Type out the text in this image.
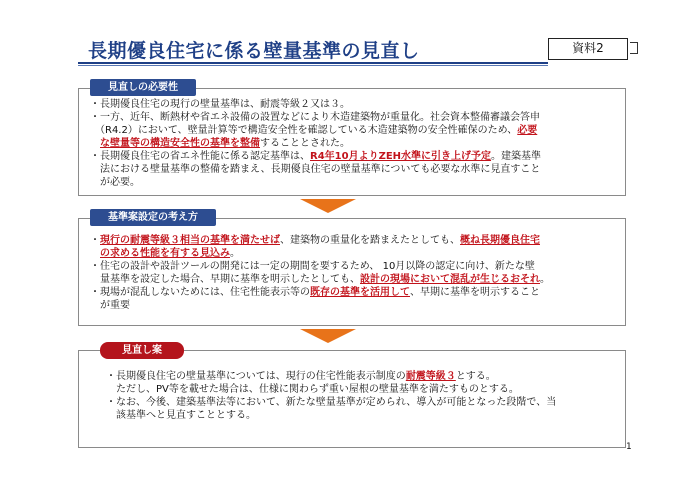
長期優良住宅に係る壁量基準の見直し	資料2
見直しの必要性
・長期優良住宅の現行の壁量基準は、耐震等級２又は３。
・一方、近年、断熱材や省エネ設備の設置などにより木造建築物が重量化。社会資本整備審議会答申
　（R4.2）において、壁量計算等で構造安全性を確認している木造建築物の安全性確保のため、必要
　な壁量等の構造安全性の基準を整備することとされた。
・長期優良住宅の省エネ性能に係る認定基準は、R4年10月よりZEH水準に引き上げ予定。建築基準
　法における壁量基準の整備を踏まえ、長期優良住宅の壁量基準についても必要な水準に見直すこと
　が必要。
基準案設定の考え方
・現行の耐震等級３相当の基準を満たせば、建築物の重量化を踏まえたとしても、概ね長期優良住宅
　の求める性能を有する見込み。
・住宅の設計や設計ツールの開発には一定の期間を要するため、 10月以降の認定に向け、新たな壁
　量基準を設定した場合、早期に基準を明示したとしても、設計の現場において混乱が生じるおそれ。
・現場が混乱しないためには、住宅性能表示等の既存の基準を活用して、早期に基準を明示すること
　が重要
見直し案
・長期優良住宅の壁量基準については、現行の住宅性能表示制度の耐震等級３とする。
　ただし、PV等を載せた場合は、仕様に関わらず重い屋根の壁量基準を満たすものとする。
・なお、今後、建築基準法等において、新たな壁量基準が定められ、導入が可能となった段階で、当
　該基準へと見直すこととする。
1
